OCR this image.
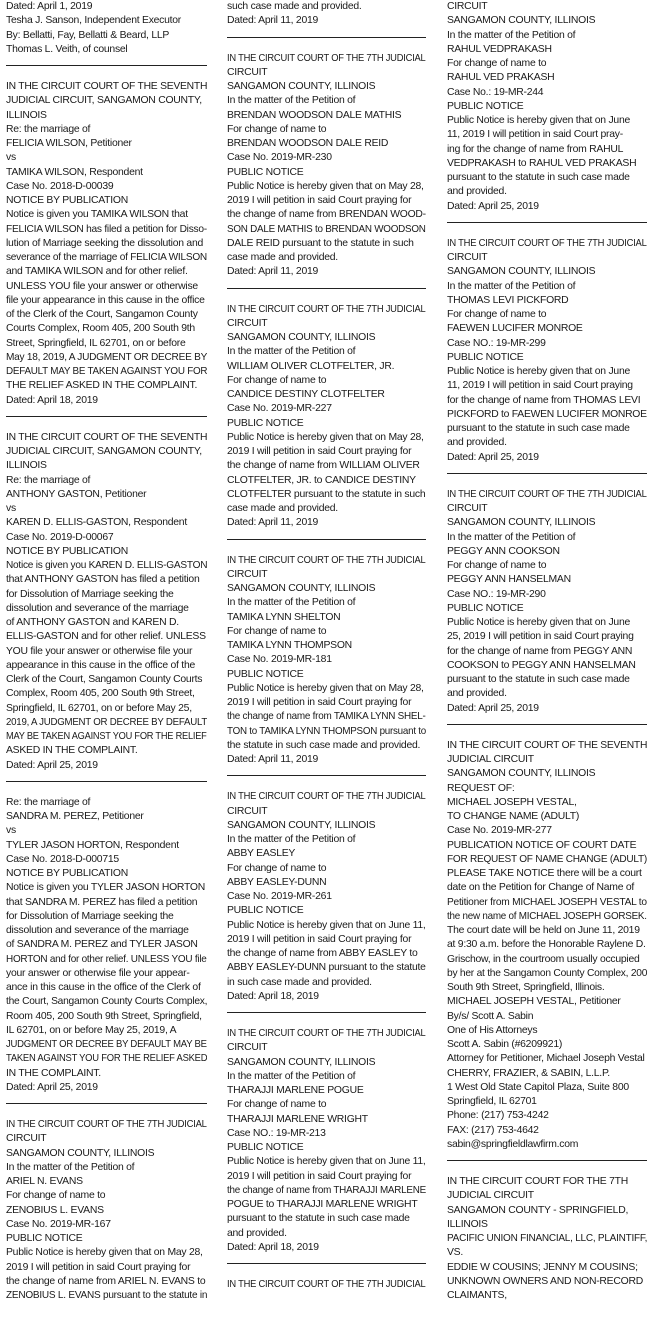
Dated: April 1, 2019
Tesha J. Sanson, Independent Executor
By: Bellatti, Fay, Bellatti & Beard, LLP
Thomas L. Veith, of counsel
IN THE CIRCUIT COURT OF THE SEVENTH
JUDICIAL CIRCUIT, SANGAMON COUNTY,
ILLINOIS
Re: the marriage of
FELICIA WILSON, Petitioner
vs
TAMIKA WILSON, Respondent
Case No. 2018-D-00039
NOTICE BY PUBLICATION
Notice is given you TAMIKA WILSON that
FELICIA WILSON has filed a petition for Disso-
lution of Marriage seeking the dissolution and
severance of the marriage of FELICIA WILSON
and TAMIKA WILSON and for other relief.
UNLESS YOU file your answer or otherwise
file your appearance in this cause in the office
of the Clerk of the Court, Sangamon County
Courts Complex, Room 405, 200 South 9th
Street, Springfield, IL 62701, on or before
May 18, 2019, A JUDGMENT OR DECREE BY
DEFAULT MAY BE TAKEN AGAINST YOU FOR
THE RELIEF ASKED IN THE COMPLAINT.
Dated: April 18, 2019
IN THE CIRCUIT COURT OF THE SEVENTH
JUDICIAL CIRCUIT, SANGAMON COUNTY,
ILLINOIS
Re: the marriage of
ANTHONY GASTON, Petitioner
vs
KAREN D. ELLIS-GASTON, Respondent
Case No. 2019-D-00067
NOTICE BY PUBLICATION
Notice is given you KAREN D. ELLIS-GASTON
that ANTHONY GASTON has filed a petition
for Dissolution of Marriage seeking the
dissolution and severance of the marriage
of ANTHONY GASTON and KAREN D.
ELLIS-GASTON and for other relief. UNLESS
YOU file your answer or otherwise file your
appearance in this cause in the office of the
Clerk of the Court, Sangamon County Courts
Complex, Room 405, 200 South 9th Street,
Springfield, IL 62701, on or before May 25,
2019, A JUDGMENT OR DECREE BY DEFAULT
MAY BE TAKEN AGAINST YOU FOR THE RELIEF
ASKED IN THE COMPLAINT.
Dated: April 25, 2019
Re: the marriage of
SANDRA M. PEREZ, Petitioner
vs
TYLER JASON HORTON, Respondent
Case No. 2018-D-000715
NOTICE BY PUBLICATION
Notice is given you TYLER JASON HORTON
that SANDRA M. PEREZ has filed a petition
for Dissolution of Marriage seeking the
dissolution and severance of the marriage
of SANDRA M. PEREZ and TYLER JASON
HORTON and for other relief. UNLESS YOU file
your answer or otherwise file your appear-
ance in this cause in the office of the Clerk of
the Court, Sangamon County Courts Complex,
Room 405, 200 South 9th Street, Springfield,
IL 62701, on or before May 25, 2019, A
JUDGMENT OR DECREE BY DEFAULT MAY BE
TAKEN AGAINST YOU FOR THE RELIEF ASKED
IN THE COMPLAINT.
Dated: April 25, 2019
IN THE CIRCUIT COURT OF THE 7TH JUDICIAL
CIRCUIT
SANGAMON COUNTY, ILLINOIS
In the matter of the Petition of
ARIEL N. EVANS
For change of name to
ZENOBIUS L. EVANS
Case No. 2019-MR-167
PUBLIC NOTICE
Public Notice is hereby given that on May 28,
2019 I will petition in said Court praying for
the change of name from ARIEL N. EVANS to
ZENOBIUS L. EVANS pursuant to the statute in
such case made and provided.
Dated: April 11, 2019
IN THE CIRCUIT COURT OF THE 7TH JUDICIAL
CIRCUIT
SANGAMON COUNTY, ILLINOIS
In the matter of the Petition of
BRENDAN WOODSON DALE MATHIS
For change of name to
BRENDAN WOODSON DALE REID
Case No. 2019-MR-230
PUBLIC NOTICE
Public Notice is hereby given that on May 28,
2019 I will petition in said Court praying for
the change of name from BRENDAN WOOD-
SON DALE MATHIS to BRENDAN WOODSON
DALE REID pursuant to the statute in such
case made and provided.
Dated: April 11, 2019
IN THE CIRCUIT COURT OF THE 7TH JUDICIAL
CIRCUIT
SANGAMON COUNTY, ILLINOIS
In the matter of the Petition of
WILLIAM OLIVER CLOTFELTER, JR.
For change of name to
CANDICE DESTINY CLOTFELTER
Case No. 2019-MR-227
PUBLIC NOTICE
Public Notice is hereby given that on May 28,
2019 I will petition in said Court praying for
the change of name from WILLIAM OLIVER
CLOTFELTER, JR. to CANDICE DESTINY
CLOTFELTER pursuant to the statute in such
case made and provided.
Dated: April 11, 2019
IN THE CIRCUIT COURT OF THE 7TH JUDICIAL
CIRCUIT
SANGAMON COUNTY, ILLINOIS
In the matter of the Petition of
TAMIKA LYNN SHELTON
For change of name to
TAMIKA LYNN THOMPSON
Case No. 2019-MR-181
PUBLIC NOTICE
Public Notice is hereby given that on May 28,
2019 I will petition in said Court praying for
the change of name from TAMIKA LYNN SHEL-
TON to TAMIKA LYNN THOMPSON pursuant to
the statute in such case made and provided.
Dated: April 11, 2019
IN THE CIRCUIT COURT OF THE 7TH JUDICIAL
CIRCUIT
SANGAMON COUNTY, ILLINOIS
In the matter of the Petition of
ABBY EASLEY
For change of name to
ABBY EASLEY-DUNN
Case No. 2019-MR-261
PUBLIC NOTICE
Public Notice is hereby given that on June 11,
2019 I will petition in said Court praying for
the change of name from ABBY EASLEY to
ABBY EASLEY-DUNN pursuant to the statute
in such case made and provided.
Dated: April 18, 2019
IN THE CIRCUIT COURT OF THE 7TH JUDICIAL
CIRCUIT
SANGAMON COUNTY, ILLINOIS
In the matter of the Petition of
THARAJJI MARLENE POGUE
For change of name to
THARAJJI MARLENE WRIGHT
Case NO.: 19-MR-213
PUBLIC NOTICE
Public Notice is hereby given that on June 11,
2019 I will petition in said Court praying for
the change of name from THARAJJI MARLENE
POGUE to THARAJJI MARLENE WRIGHT
pursuant to the statute in such case made
and provided.
Dated: April 18, 2019
IN THE CIRCUIT COURT OF THE 7TH JUDICIAL
CIRCUIT
SANGAMON COUNTY, ILLINOIS
In the matter of the Petition of
RAHUL VEDPRAKASH
For change of name to
RAHUL VED PRAKASH
Case No.: 19-MR-244
PUBLIC NOTICE
Public Notice is hereby given that on June
11, 2019 I will petition in said Court pray-
ing for the change of name from RAHUL
VEDPRAKASH to RAHUL VED PRAKASH
pursuant to the statute in such case made
and provided.
Dated: April 25, 2019
IN THE CIRCUIT COURT OF THE 7TH JUDICIAL
CIRCUIT
SANGAMON COUNTY, ILLINOIS
In the matter of the Petition of
THOMAS LEVI PICKFORD
For change of name to
FAEWEN LUCIFER MONROE
Case NO.: 19-MR-299
PUBLIC NOTICE
Public Notice is hereby given that on June
11, 2019 I will petition in said Court praying
for the change of name from THOMAS LEVI
PICKFORD to FAEWEN LUCIFER MONROE
pursuant to the statute in such case made
and provided.
Dated: April 25, 2019
IN THE CIRCUIT COURT OF THE 7TH JUDICIAL
CIRCUIT
SANGAMON COUNTY, ILLINOIS
In the matter of the Petition of
PEGGY ANN COOKSON
For change of name to
PEGGY ANN HANSELMAN
Case NO.: 19-MR-290
PUBLIC NOTICE
Public Notice is hereby given that on June
25, 2019 I will petition in said Court praying
for the change of name from PEGGY ANN
COOKSON to PEGGY ANN HANSELMAN
pursuant to the statute in such case made
and provided.
Dated: April 25, 2019
IN THE CIRCUIT COURT OF THE SEVENTH
JUDICIAL CIRCUIT
SANGAMON COUNTY, ILLINOIS
REQUEST OF:
MICHAEL JOSEPH VESTAL,
TO CHANGE NAME (ADULT)
Case No. 2019-MR-277
PUBLICATION NOTICE OF COURT DATE
FOR REQUEST OF NAME CHANGE (ADULT)
PLEASE TAKE NOTICE there will be a court
date on the Petition for Change of Name of
Petitioner from MICHAEL JOSEPH VESTAL to
the new name of MICHAEL JOSEPH GORSEK.
The court date will be held on June 11, 2019
at 9:30 a.m. before the Honorable Raylene D.
Grischow, in the courtroom usually occupied
by her at the Sangamon County Complex, 200
South 9th Street, Springfield, Illinois.
MICHAEL JOSEPH VESTAL, Petitioner
By/s/ Scott A. Sabin
One of His Attorneys
Scott A. Sabin (#6209921)
Attorney for Petitioner, Michael Joseph Vestal
CHERRY, FRAZIER, & SABIN, L.L.P.
1 West Old State Capitol Plaza, Suite 800
Springfield, IL 62701
Phone: (217) 753-4242
FAX: (217) 753-4642
sabin@springfieldlawfirm.com
IN THE CIRCUIT COURT FOR THE 7TH
JUDICIAL CIRCUIT
SANGAMON COUNTY - SPRINGFIELD,
ILLINOIS
PACIFIC UNION FINANCIAL, LLC, PLAINTIFF,
VS.
EDDIE W COUSINS; JENNY M COUSINS;
UNKNOWN OWNERS AND NON-RECORD
CLAIMANTS,
